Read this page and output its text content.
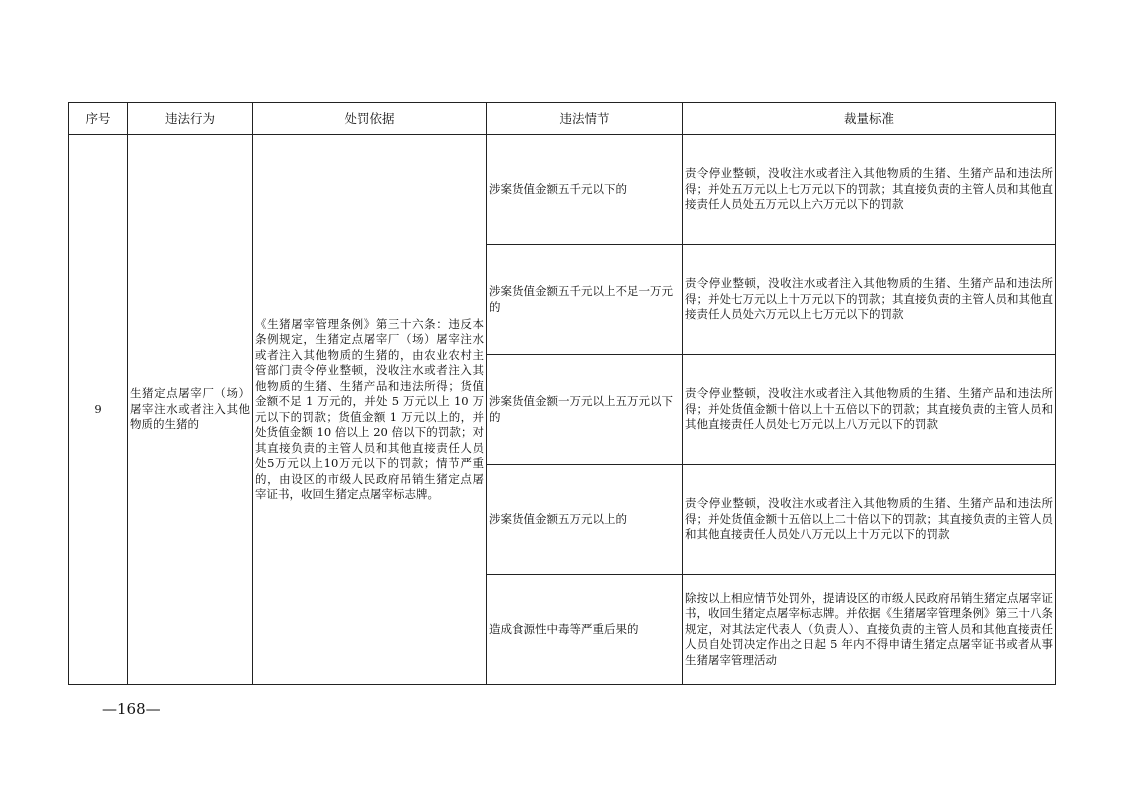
序号	违法行为	处罚依据	违法情节	裁量标准
9	生猪定点屠宰厂（场）屠宰注水或者注入其他物质的生猪的	《生猪屠宰管理条例》第三十六条：违反本条例规定，生猪定点屠宰厂（场）屠宰注水或者注入其他物质的生猪的，由农业农村主管部门责令停业整顿，没收注水或者注入其他物质的生猪、生猪产品和违法所得；货值金额不足 1 万元的，并处 5 万元以上 10 万元以下的罚款；货值金额 1 万元以上的，并处货值金额 10 倍以上 20 倍以下的罚款；对其直接负责的主管人员和其他直接责任人员处5万元以上10万元以下的罚款；情节严重的，由设区的市级人民政府吊销生猪定点屠宰证书，收回生猪定点屠宰标志牌。	涉案货值金额五千元以下的	责令停业整顿，没收注水或者注入其他物质的生猪、生猪产品和违法所得；并处五万元以上七万元以下的罚款；其直接负责的主管人员和其他直接责任人员处五万元以上六万元以下的罚款
			涉案货值金额五千元以上不足一万元的	责令停业整顿，没收注水或者注入其他物质的生猪、生猪产品和违法所得；并处七万元以上十万元以下的罚款；其直接负责的主管人员和其他直接责任人员处六万元以上七万元以下的罚款
			涉案货值金额一万元以上五万元以下的	责令停业整顿，没收注水或者注入其他物质的生猪、生猪产品和违法所得；并处货值金额十倍以上十五倍以下的罚款；其直接负责的主管人员和其他直接责任人员处七万元以上八万元以下的罚款
			涉案货值金额五万元以上的	责令停业整顿，没收注水或者注入其他物质的生猪、生猪产品和违法所得；并处货值金额十五倍以上二十倍以下的罚款；其直接负责的主管人员和其他直接责任人员处八万元以上十万元以下的罚款
			造成食源性中毒等严重后果的	除按以上相应情节处罚外，提请设区的市级人民政府吊销生猪定点屠宰证书，收回生猪定点屠宰标志牌。并依据《生猪屠宰管理条例》第三十八条规定，对其法定代表人（负责人）、直接负责的主管人员和其他直接责任人员自处罚决定作出之日起 5 年内不得申请生猪定点屠宰证书或者从事生猪屠宰管理活动
—168—
